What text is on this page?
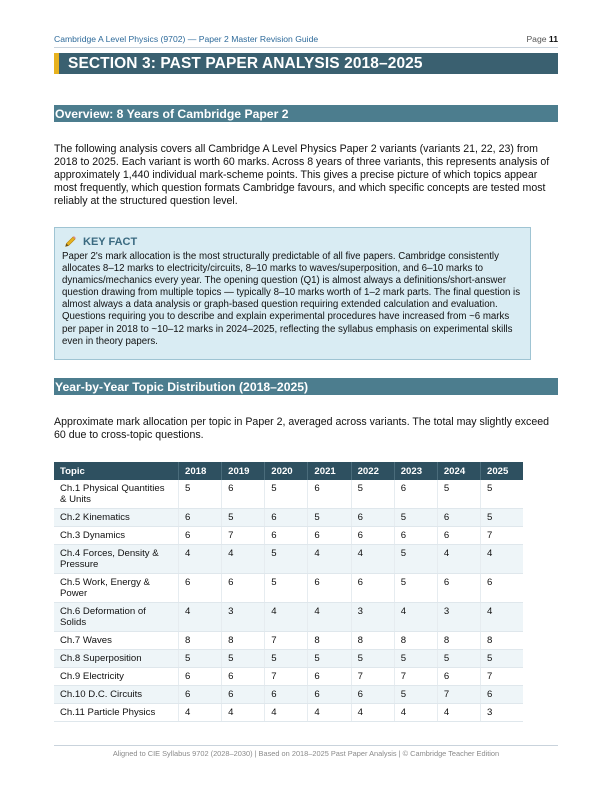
Cambridge A Level Physics (9702) — Paper 2 Master Revision Guide	Page 11
SECTION 3: PAST PAPER ANALYSIS 2018–2025
Overview: 8 Years of Cambridge Paper 2
The following analysis covers all Cambridge A Level Physics Paper 2 variants (variants 21, 22, 23) from 2018 to 2025. Each variant is worth 60 marks. Across 8 years of three variants, this represents analysis of approximately 1,440 individual mark-scheme points. This gives a precise picture of which topics appear most frequently, which question formats Cambridge favours, and which specific concepts are tested most reliably at the structured question level.
KEY FACT
Paper 2's mark allocation is the most structurally predictable of all five papers. Cambridge consistently allocates 8–12 marks to electricity/circuits, 8–10 marks to waves/superposition, and 6–10 marks to dynamics/mechanics every year. The opening question (Q1) is almost always a definitions/short-answer question drawing from multiple topics — typically 8–10 marks worth of 1–2 mark parts. The final question is almost always a data analysis or graph-based question requiring extended calculation and evaluation. Questions requiring you to describe and explain experimental procedures have increased from ~6 marks per paper in 2018 to ~10–12 marks in 2024–2025, reflecting the syllabus emphasis on experimental skills even in theory papers.
Year-by-Year Topic Distribution (2018–2025)
Approximate mark allocation per topic in Paper 2, averaged across variants. The total may slightly exceed 60 due to cross-topic questions.
Topic	2018	2019	2020	2021	2022	2023	2024	2025
Ch.1 Physical Quantities & Units	5	6	5	6	5	6	5	5
Ch.2 Kinematics	6	5	6	5	6	5	6	5
Ch.3 Dynamics	6	7	6	6	6	6	6	7
Ch.4 Forces, Density & Pressure	4	4	5	4	4	5	4	4
Ch.5 Work, Energy & Power	6	6	5	6	6	5	6	6
Ch.6 Deformation of Solids	4	3	4	4	3	4	3	4
Ch.7 Waves	8	8	7	8	8	8	8	8
Ch.8 Superposition	5	5	5	5	5	5	5	5
Ch.9 Electricity	6	6	7	6	7	7	6	7
Ch.10 D.C. Circuits	6	6	6	6	6	5	7	6
Ch.11 Particle Physics	4	4	4	4	4	4	4	3
Aligned to CIE Syllabus 9702 (2028–2030) | Based on 2018–2025 Past Paper Analysis | © Cambridge Teacher Edition
